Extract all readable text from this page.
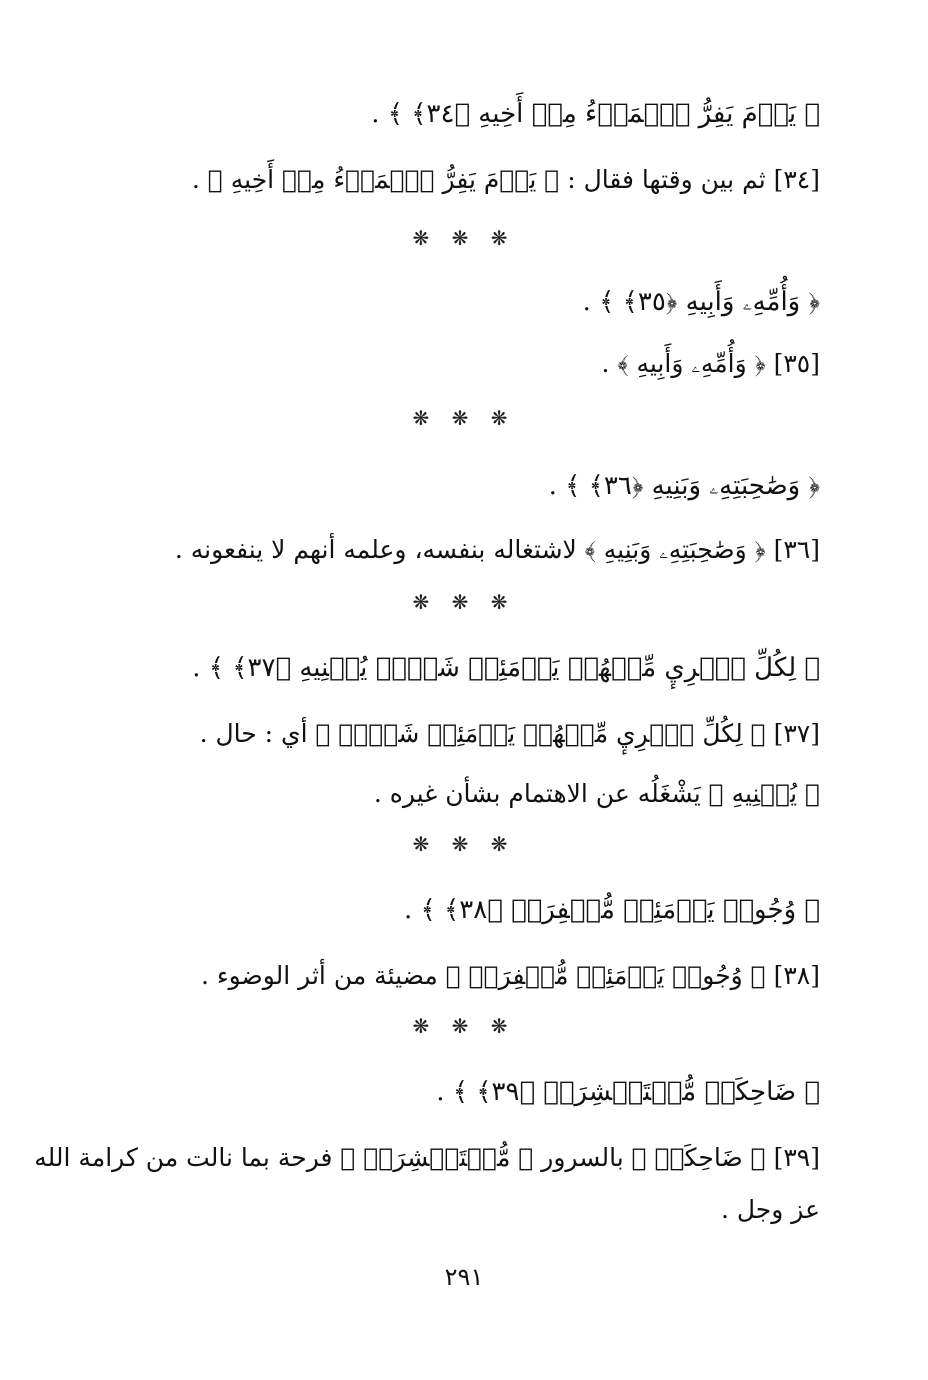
﴿ يَوۡمَ يَفِرُّ ٱلۡمَرۡءُ مِنۡ أَخِيهِ ﴿٣٤﴾ ﴾ .
[٣٤] ثم بين وقتها فقال : ﴿ يَوۡمَ يَفِرُّ ٱلۡمَرۡءُ مِنۡ أَخِيهِ ﴾ .
❋ ❋ ❋
﴿ وَأُمِّهِۦ وَأَبِيهِ ﴿٣٥﴾ ﴾ .
[٣٥] ﴿ وَأُمِّهِۦ وَأَبِيهِ ﴾ .
❋ ❋ ❋
﴿ وَصَٰحِبَتِهِۦ وَبَنِيهِ ﴿٣٦﴾ ﴾ .
[٣٦] ﴿ وَصَٰحِبَتِهِۦ وَبَنِيهِ ﴾ لاشتغاله بنفسه، وعلمه أنهم لا ينفعونه .
❋ ❋ ❋
﴿ لِكُلِّ ٱمۡرِيٕ مِّنۡهُمۡ يَوۡمَئِذٖ شَأۡنٞ يُغۡنِيهِ ﴿٣٧﴾ ﴾ .
[٣٧] ﴿ لِكُلِّ ٱمۡرِيٕ مِّنۡهُمۡ يَوۡمَئِذٖ شَأۡنٞ ﴾ أي : حال .
﴿ يُغۡنِيهِ ﴾ يَشْغَلُه عن الاهتمام بشأن غيره .
❋ ❋ ❋
﴿ وُجُوهٞ يَوۡمَئِذٖ مُّسۡفِرَةٞ ﴿٣٨﴾ ﴾ .
[٣٨] ﴿ وُجُوهٞ يَوۡمَئِذٖ مُّسۡفِرَةٞ ﴾ مضيئة من أثر الوضوء .
❋ ❋ ❋
﴿ ضَاحِكَةٞ مُّسۡتَبۡشِرَةٞ ﴿٣٩﴾ ﴾ .
[٣٩] ﴿ ضَاحِكَةٞ ﴾ بالسرور ﴿ مُّسۡتَبۡشِرَةٞ ﴾ فرحة بما نالت من كرامة الله
عز وجل .
٢٩١
